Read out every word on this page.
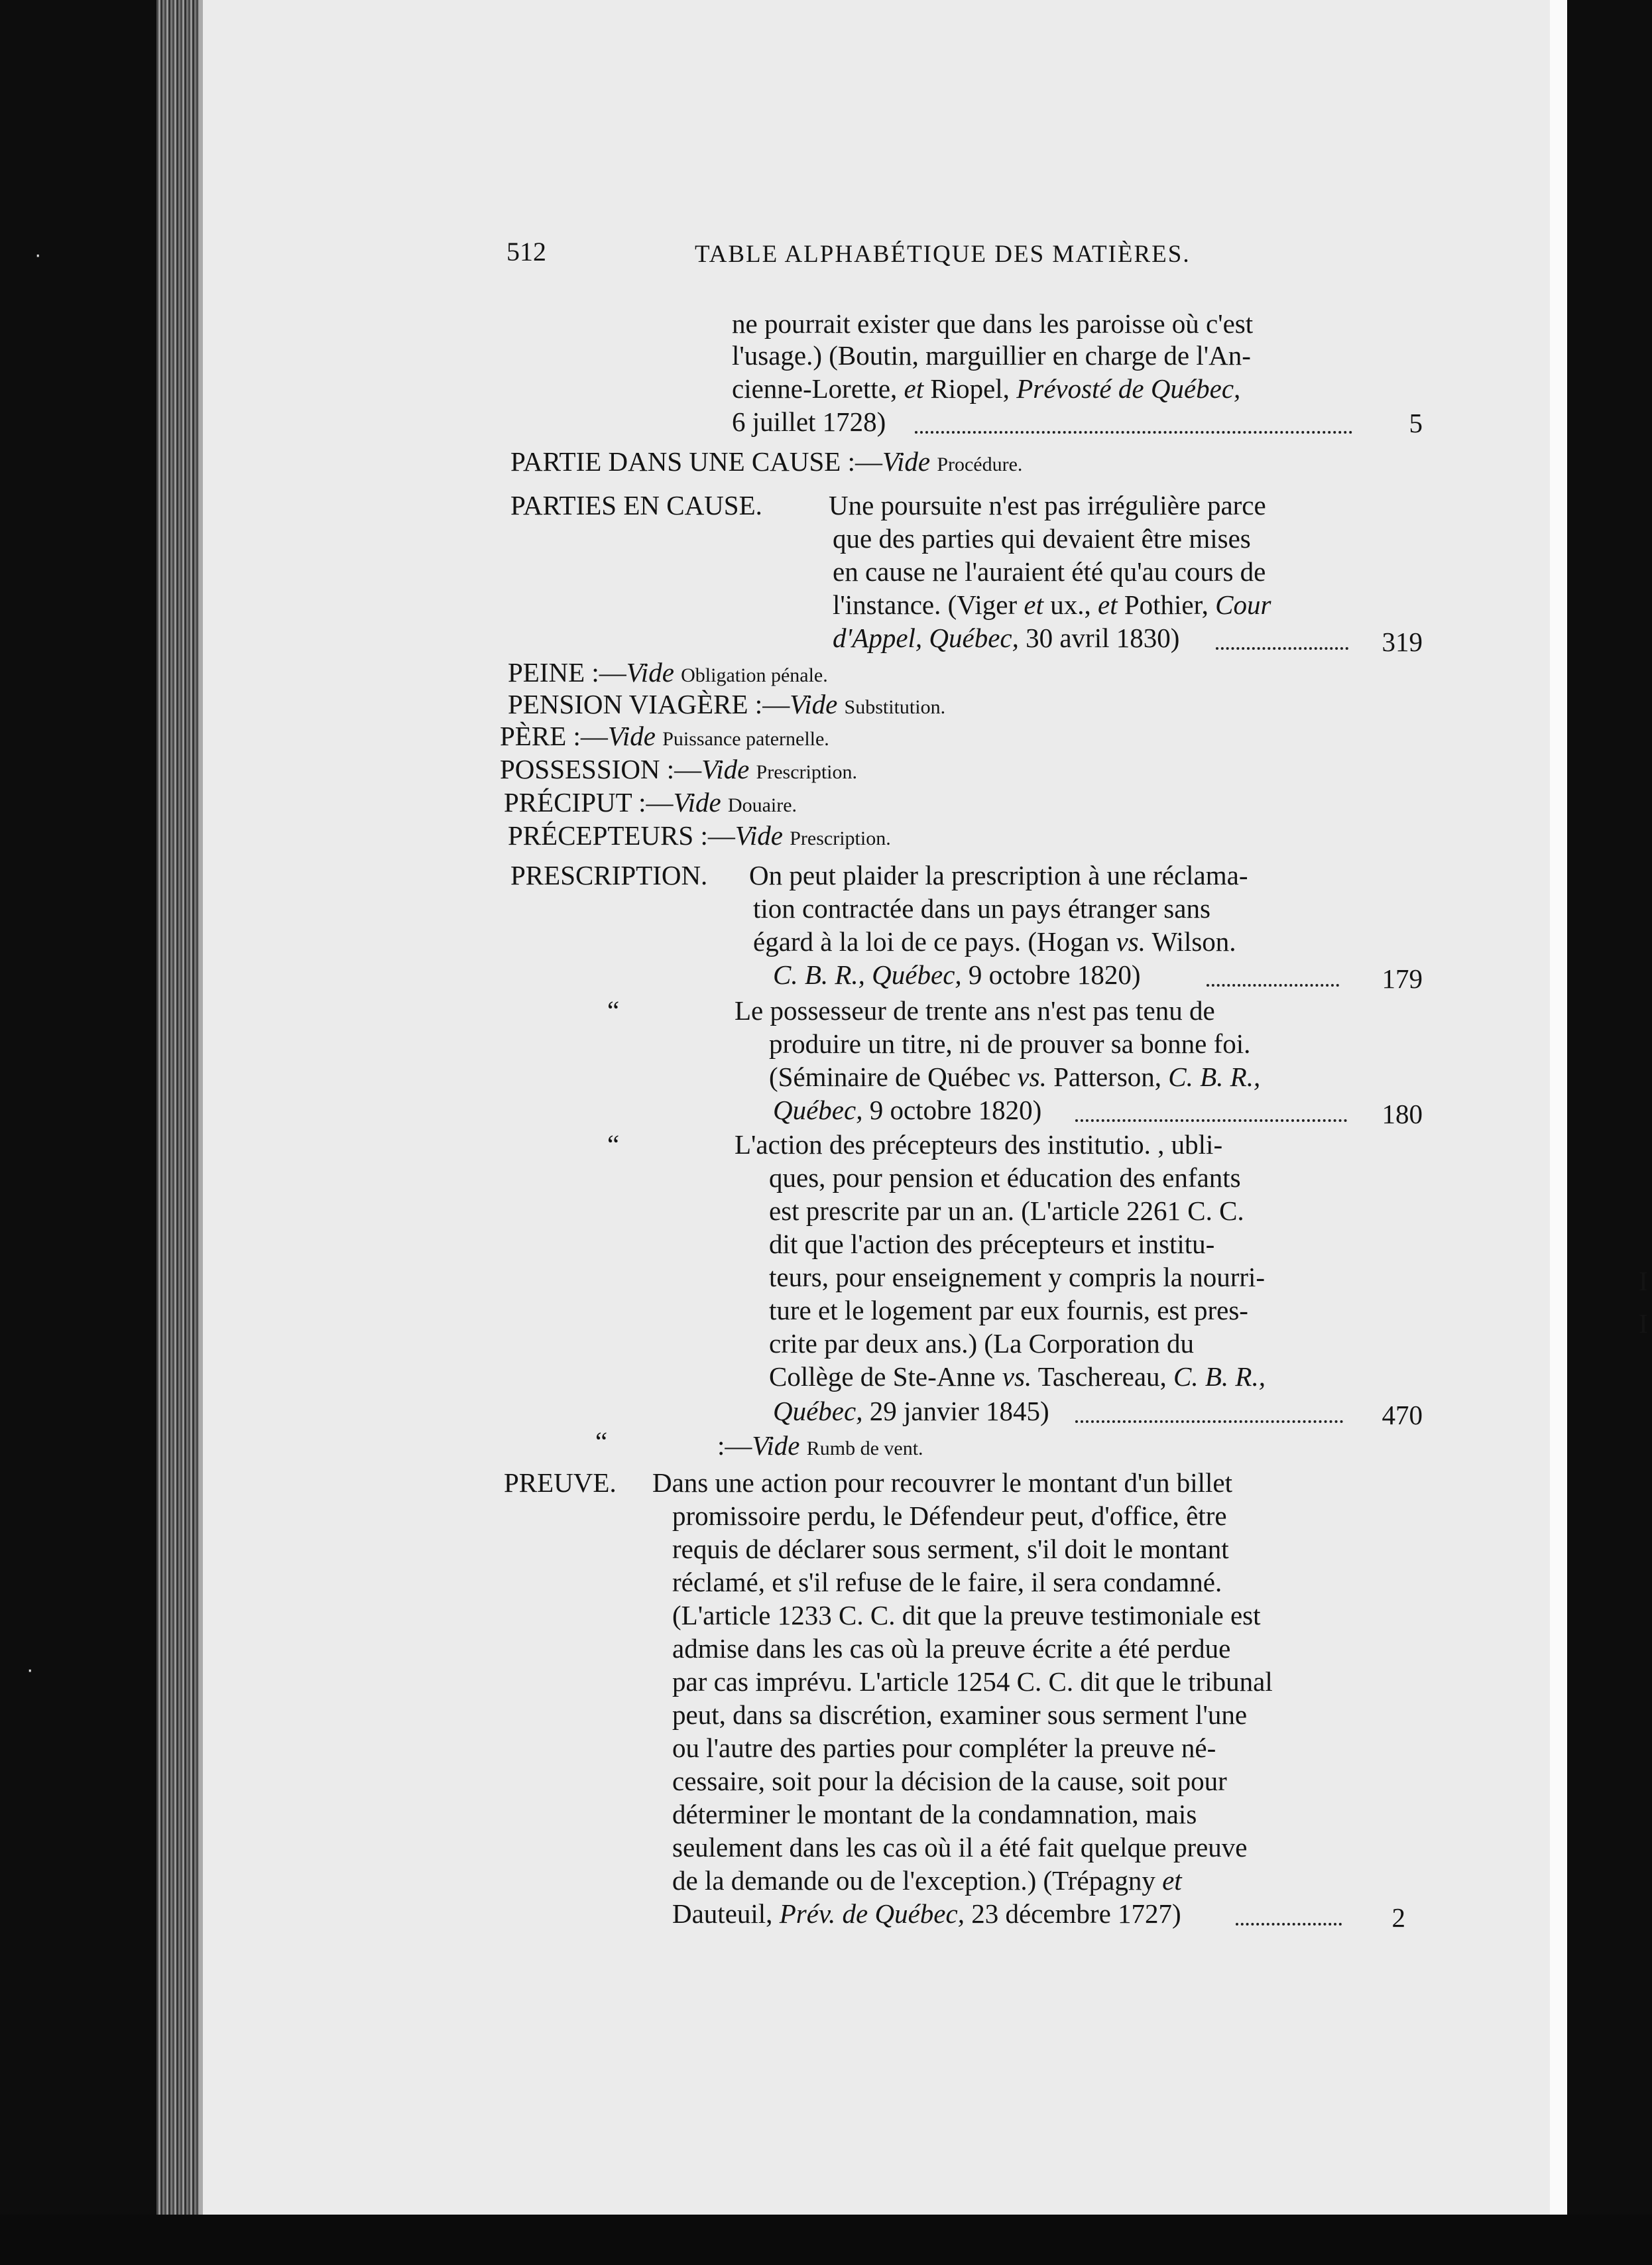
·
·
512	TABLE ALPHABÉTIQUE DES MATIÈRES.
ne pourrait exister que dans les paroisse où c'est
l'usage.) (Boutin, marguillier en charge de l'An-
cienne-Lorette, et Riopel, Prévosté de Québec,
6 juillet 1728)	5
PARTIE DANS UNE CAUSE :—Vide Procédure.
PARTIES EN CAUSE. Une poursuite n'est pas irrégulière parce
que des parties qui devaient être mises
en cause ne l'auraient été qu'au cours de
l'instance. (Viger et ux., et Pothier, Cour
d'Appel, Québec, 30 avril 1830)	319
PEINE :—Vide Obligation pénale.
PENSION VIAGÈRE :—Vide Substitution.
PÈRE :—Vide Puissance paternelle.
POSSESSION :—Vide Prescription.
PRÉCIPUT :—Vide Douaire.
PRÉCEPTEURS :—Vide Prescription.
PRESCRIPTION. On peut plaider la prescription à une réclama-
tion contractée dans un pays étranger sans
égard à la loi de ce pays. (Hogan vs. Wilson.
C. B. R., Québec, 9 octobre 1820)	179
“	Le possesseur de trente ans n'est pas tenu de
produire un titre, ni de prouver sa bonne foi.
(Séminaire de Québec vs. Patterson, C. B. R.,
Québec, 9 octobre 1820)	180
“	L'action des précepteurs des institutio. , ubli-
ques, pour pension et éducation des enfants
est prescrite par un an. (L'article 2261 C. C.
dit que l'action des précepteurs et institu-
teurs, pour enseignement y compris la nourri-
ture et le logement par eux fournis, est pres-
crite par deux ans.) (La Corporation du
Collège de Ste-Anne vs. Taschereau, C. B. R.,
Québec, 29 janvier 1845)	470
“	:—Vide Rumb de vent.
PREUVE. Dans une action pour recouvrer le montant d'un billet
promissoire perdu, le Défendeur peut, d'office, être
requis de déclarer sous serment, s'il doit le montant
réclamé, et s'il refuse de le faire, il sera condamné.
(L'article 1233 C. C. dit que la preuve testimoniale est
admise dans les cas où la preuve écrite a été perdue
par cas imprévu. L'article 1254 C. C. dit que le tribunal
peut, dans sa discrétion, examiner sous serment l'une
ou l'autre des parties pour compléter la preuve né-
cessaire, soit pour la décision de la cause, soit pour
déterminer le montant de la condamnation, mais
seulement dans les cas où il a été fait quelque preuve
de la demande ou de l'exception.) (Trépagny et
Dauteuil, Prév. de Québec, 23 décembre 1727)	2
I
I
